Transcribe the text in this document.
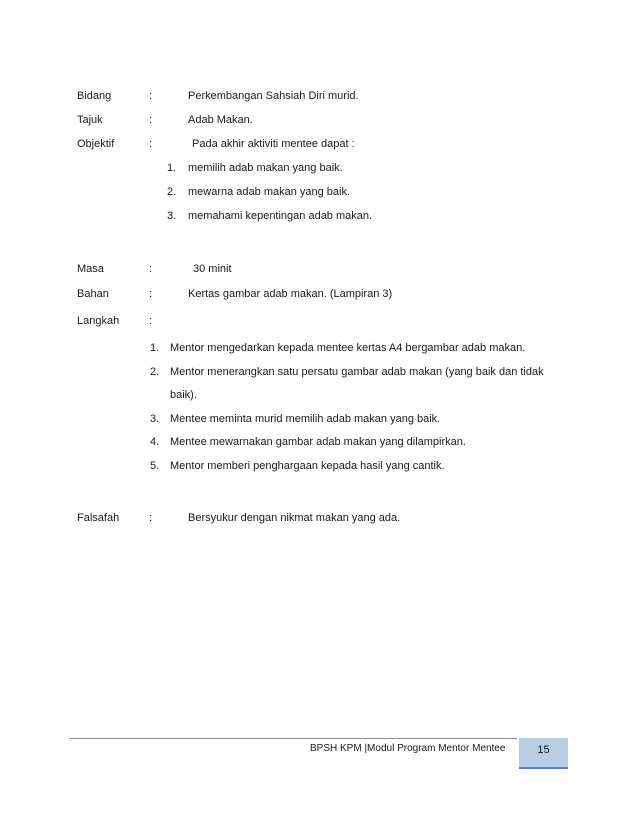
Bidang	:	Perkembangan Sahsiah Diri murid.
Tajuk	:	Adab Makan.
Objektif	:	Pada akhir aktiviti mentee dapat :
1. memilih adab makan yang baik.
2. mewarna adab makan yang baik.
3. memahami kepentingan adab makan.
Masa	:	30 minit
Bahan	:	Kertas gambar adab makan. (Lampiran 3)
Langkah	:
1. Mentor mengedarkan kepada mentee kertas A4 bergambar adab makan.
2. Mentor menerangkan satu persatu gambar adab makan (yang baik dan tidak
baik).
3. Mentee meminta murid memilih adab makan yang baik.
4. Mentee mewarnakan gambar adab makan yang dilampirkan.
5. Mentor memberi penghargaan kepada hasil yang cantik.
Falsafah	:	Bersyukur dengan nikmat makan yang ada.
BPSH KPM |Modul Program Mentor Mentee	15
